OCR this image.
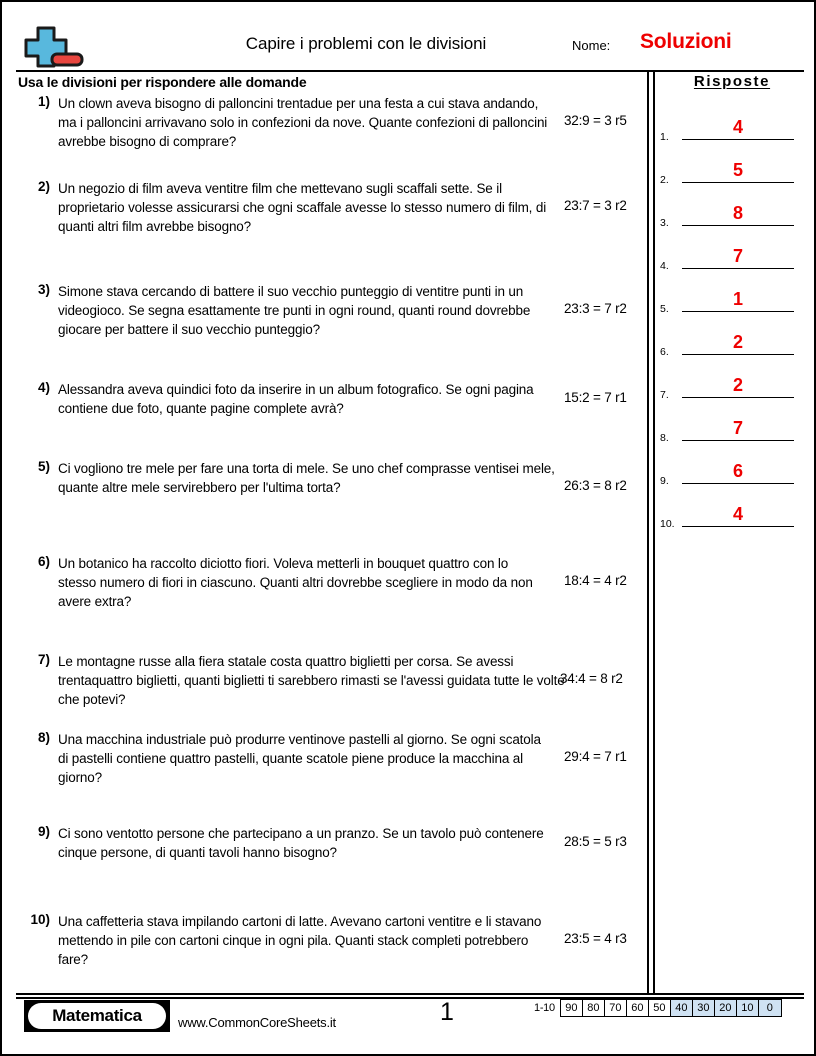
Capire i problemi con le divisioni	Nome: Soluzioni
Usa le divisioni per rispondere alle domande
1) Un clown aveva bisogno di palloncini trentadue per una festa a cui stava andando, ma i palloncini arrivavano solo in confezioni da nove. Quante confezioni di palloncini avrebbe bisogno di comprare?
32:9 = 3 r5
2) Un negozio di film aveva ventitre film che mettevano sugli scaffali sette. Se il proprietario volesse assicurarsi che ogni scaffale avesse lo stesso numero di film, di quanti altri film avrebbe bisogno?
23:7 = 3 r2
3) Simone stava cercando di battere il suo vecchio punteggio di ventitre punti in un videogioco. Se segna esattamente tre punti in ogni round, quanti round dovrebbe giocare per battere il suo vecchio punteggio?
23:3 = 7 r2
4) Alessandra aveva quindici foto da inserire in un album fotografico. Se ogni pagina contiene due foto, quante pagine complete avrà?
15:2 = 7 r1
5) Ci vogliono tre mele per fare una torta di mele. Se uno chef comprasse ventisei mele, quante altre mele servirebbero per l'ultima torta?	26:3 = 8 r2
6) Un botanico ha raccolto diciotto fiori. Voleva metterli in bouquet quattro con lo stesso numero di fiori in ciascuno. Quanti altri dovrebbe scegliere in modo da non avere extra?
18:4 = 4 r2
7) Le montagne russe alla fiera statale costa quattro biglietti per corsa. Se avessi trentaquattro biglietti, quanti biglietti ti sarebbero rimasti se l'avessi guidata tutte le volte che potevi?
34:4 = 8 r2
8) Una macchina industriale può produrre ventinove pastelli al giorno. Se ogni scatola di pastelli contiene quattro pastelli, quante scatole piene produce la macchina al giorno?
29:4 = 7 r1
9) Ci sono ventotto persone che partecipano a un pranzo. Se un tavolo può contenere cinque persone, di quanti tavoli hanno bisogno?
28:5 = 5 r3
10) Una caffetteria stava impilando cartoni di latte. Avevano cartoni ventitre e li stavano mettendo in pile con cartoni cinque in ogni pila. Quanti stack completi potrebbero fare?
23:5 = 4 r3
Risposte
1.	4
2.	5
3.	8
4.	7
5.	1
6.	2
7.	2
8.	7
9.	6
10.	4
Matematica	www.CommonCoreSheets.it	1	1-10 90 80 70 60 50 40 30 20 10	0
